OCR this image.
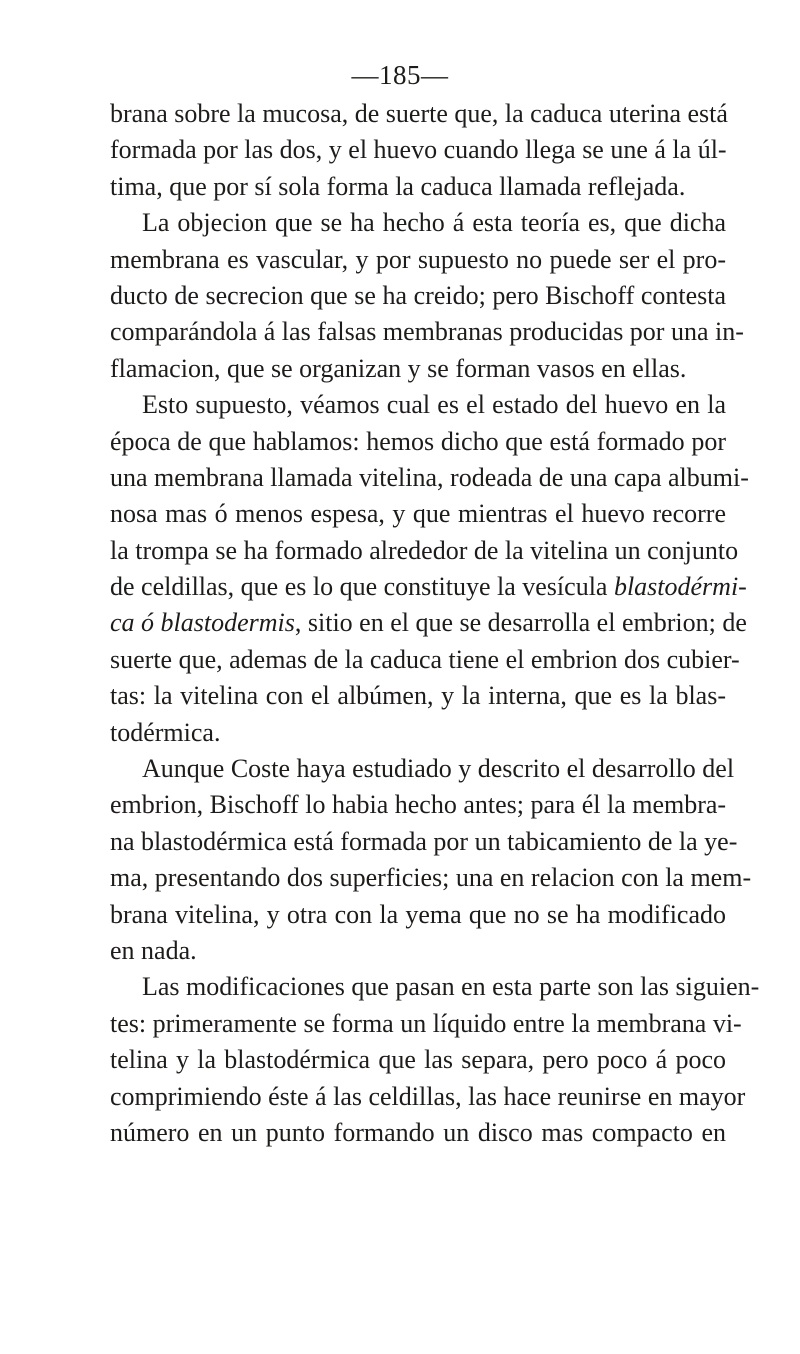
—185—
brana sobre la mucosa, de suerte que, la caduca uterina está
formada por las dos, y el huevo cuando llega se une á la úl-
tima, que por sí sola forma la caduca llamada reflejada.
La objecion que se ha hecho á esta teoría es, que dicha
membrana es vascular, y por supuesto no puede ser el pro-
ducto de secrecion que se ha creido; pero Bischoff contesta
comparándola á las falsas membranas producidas por una in-
flamacion, que se organizan y se forman vasos en ellas.
Esto supuesto, véamos cual es el estado del huevo en la
época de que hablamos: hemos dicho que está formado por
una membrana llamada vitelina, rodeada de una capa albumi-
nosa mas ó menos espesa, y que mientras el huevo recorre
la trompa se ha formado alrededor de la vitelina un conjunto
de celdillas, que es lo que constituye la vesícula blastodérmi-
ca ó blastodermis, sitio en el que se desarrolla el embrion; de
suerte que, ademas de la caduca tiene el embrion dos cubier-
tas: la vitelina con el albúmen, y la interna, que es la blas-
todérmica.
Aunque Coste haya estudiado y descrito el desarrollo del
embrion, Bischoff lo habia hecho antes; para él la membra-
na blastodérmica está formada por un tabicamiento de la ye-
ma, presentando dos superficies; una en relacion con la mem-
brana vitelina, y otra con la yema que no se ha modificado
en nada.
Las modificaciones que pasan en esta parte son las siguien-
tes: primeramente se forma un líquido entre la membrana vi-
telina y la blastodérmica que las separa, pero poco á poco
comprimiendo éste á las celdillas, las hace reunirse en mayor
número en un punto formando un disco mas compacto en
